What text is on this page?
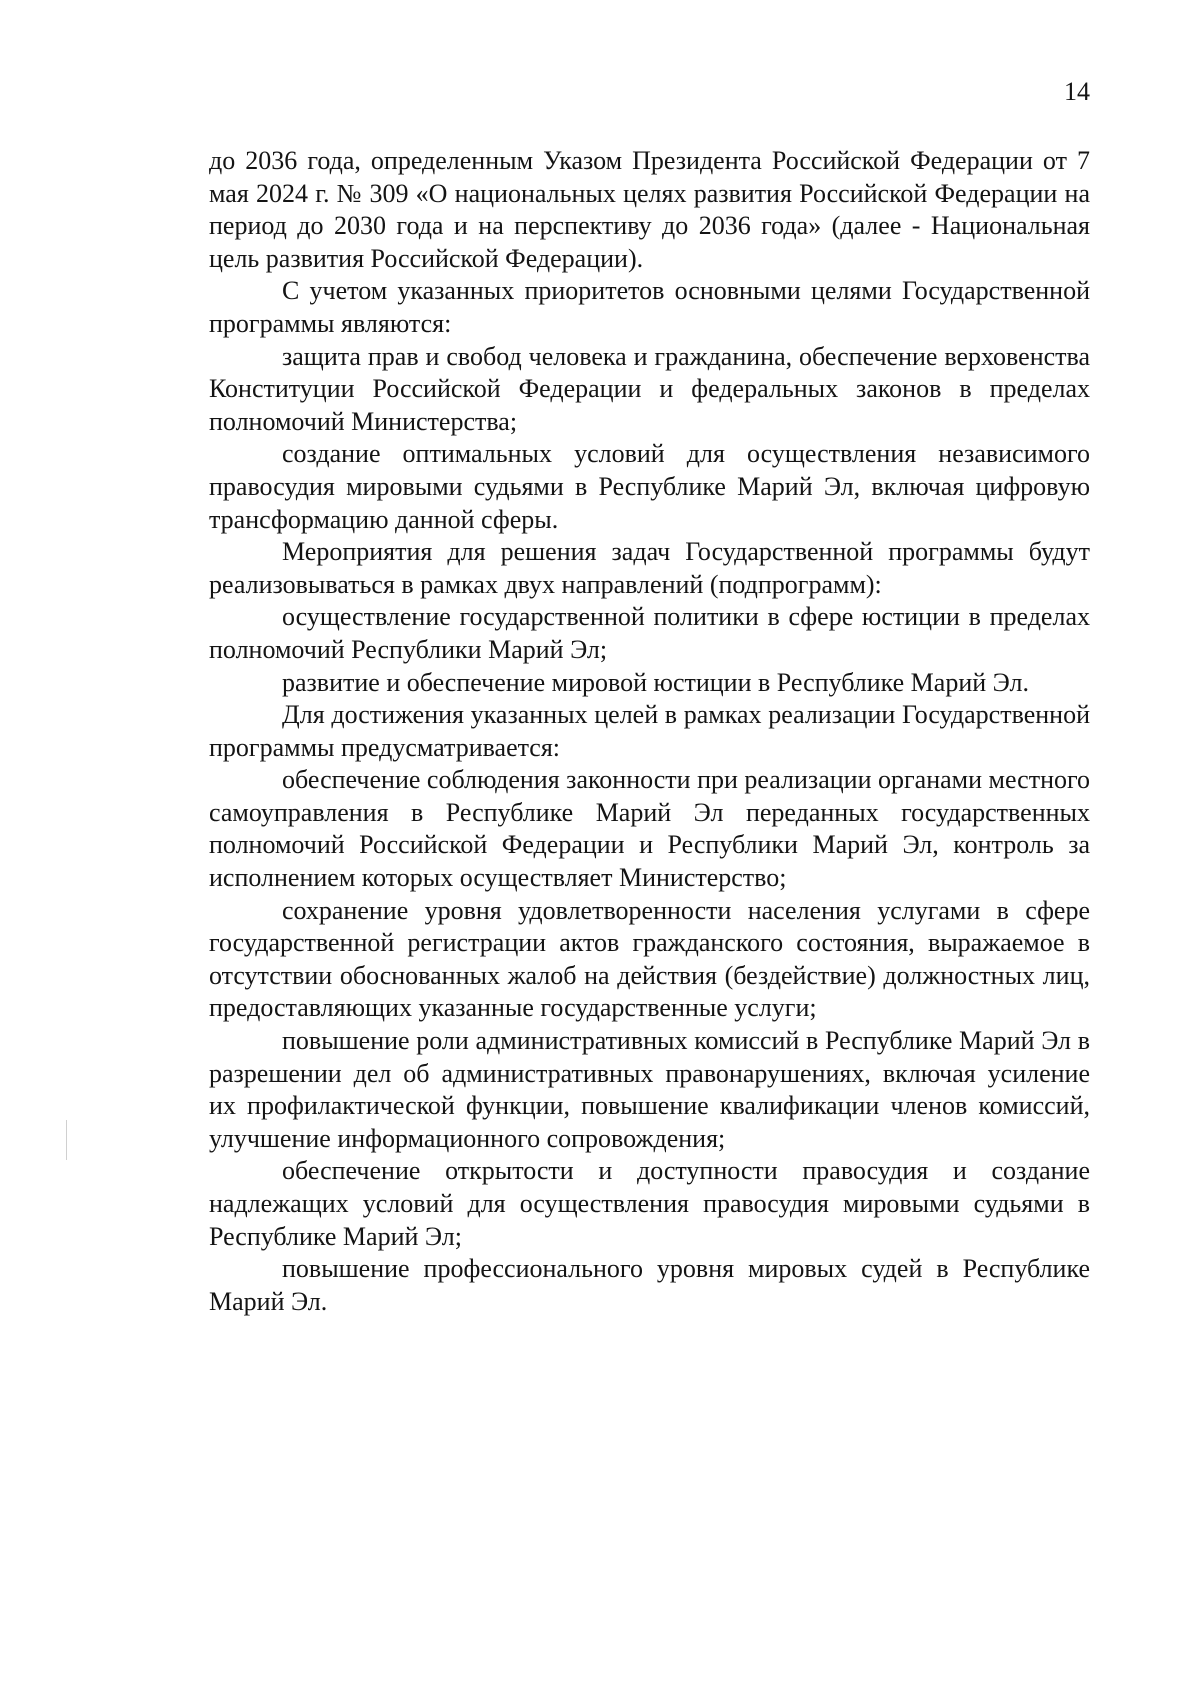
14

до 2036 года, определенным Указом Президента Российской Федерации от 7 мая 2024 г. № 309 «О национальных целях развития Российской Федерации на период до 2030 года и на перспективу до 2036 года» (далее - Национальная цель развития Российской Федерации).

С учетом указанных приоритетов основными целями Государственной программы являются:

защита прав и свобод человека и гражданина, обеспечение верховенства Конституции Российской Федерации и федеральных законов в пределах полномочий Министерства;

создание оптимальных условий для осуществления независимого правосудия мировыми судьями в Республике Марий Эл, включая цифровую трансформацию данной сферы.

Мероприятия для решения задач Государственной программы будут реализовываться в рамках двух направлений (подпрограмм):

осуществление государственной политики в сфере юстиции в пределах полномочий Республики Марий Эл;

развитие и обеспечение мировой юстиции в Республике Марий Эл.

Для достижения указанных целей в рамках реализации Государственной программы предусматривается:

обеспечение соблюдения законности при реализации органами местного самоуправления в Республике Марий Эл переданных государственных полномочий Российской Федерации и Республики Марий Эл, контроль за исполнением которых осуществляет Министерство;

сохранение уровня удовлетворенности населения услугами в сфере государственной регистрации актов гражданского состояния, выражаемое в отсутствии обоснованных жалоб на действия (бездействие) должностных лиц, предоставляющих указанные государственные услуги;

повышение роли административных комиссий в Республике Марий Эл в разрешении дел об административных правонарушениях, включая усиление их профилактической функции, повышение квалификации членов комиссий, улучшение информационного сопровождения;

обеспечение открытости и доступности правосудия и создание надлежащих условий для осуществления правосудия мировыми судьями в Республике Марий Эл;

повышение профессионального уровня мировых судей в Республике Марий Эл.
